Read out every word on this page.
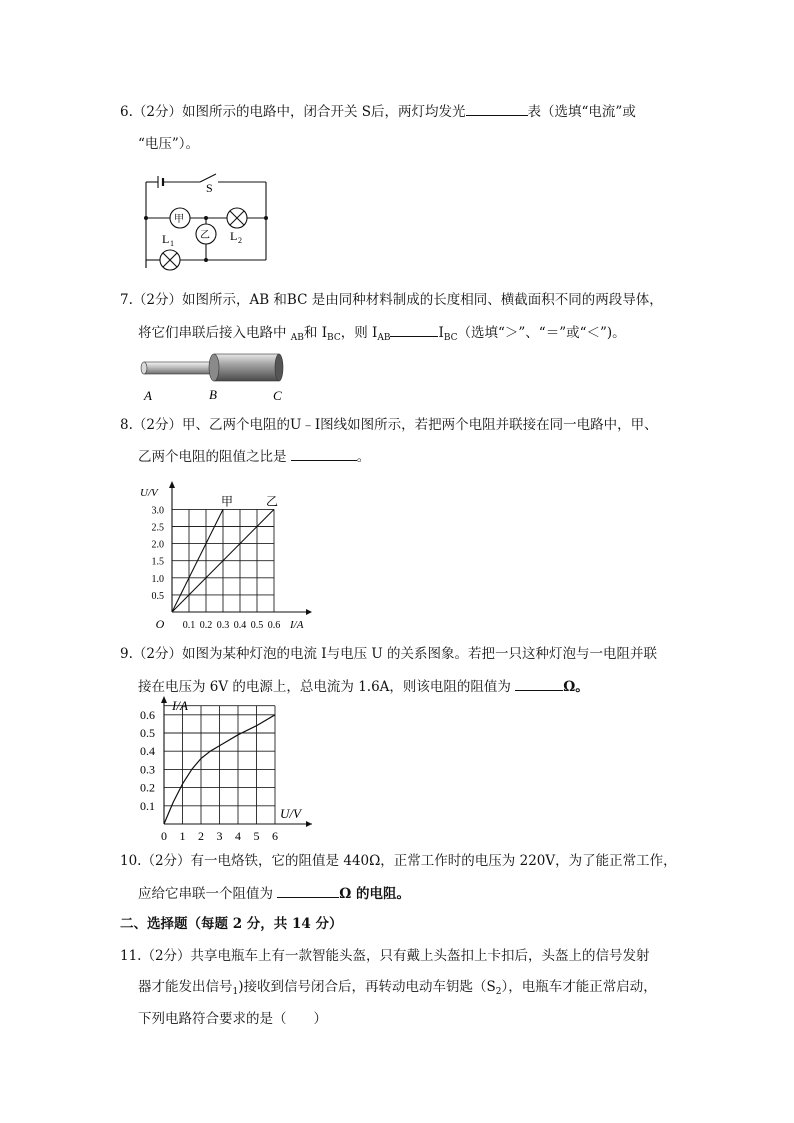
6.（2分）如图所示的电路中，闭合开关 S后，两灯均发光	表（选填“电流”或
“电压”）。
S
甲
乙
L 1
L 2
7.（2分）如图所示，AB 和BC 是由同种材料制成的长度相同、横截面积不同的两段导体，
将它们串联后接入电路中 $_{AB}$和 $I_{BC}$，则 $I_{AB}$	$I_{BC}$（选填“＞”、“＝”或“＜”)。
A	B	C
8.（2分）甲、乙两个电阻的U﹣I图线如图所示，若把两个电阻并联接在同一电路中，甲、
乙两个电阻的阻值之比是	。
0.1 0.2 0.3 0.4 0.5 0.6
0.5
1.0
1.5
2.0
2.5
3.0
O	I/A
U/V
甲	乙
9.（2分）如图为某种灯泡的电流 I与电压 U 的关系图象。若把一只这种灯泡与一电阻并联
接在电压为 6V 的电源上，总电流为 1.6A，则该电阻的阻值为	Ω。
1 2 3 4 5 6
0.1
0.2
0.3
0.4
0.5
0.6
0
U/V
I/A
10.（2分）有一电烙铁，它的阻值是 440Ω，正常工作时的电压为 220V，为了能正常工作，
应给它串联一个阻值为	Ω 的电阻。
二、选择题（每题 2 分，共 14 分）
11.（2分）共享电瓶车上有一款智能头盔，只有戴上头盔扣上卡扣后，头盔上的信号发射
器才能发出信号$_1$)接收到信号闭合后，再转动电动车钥匙$(S_2)$，电瓶车才能正常启动，
下列电路符合要求的是（　　）
